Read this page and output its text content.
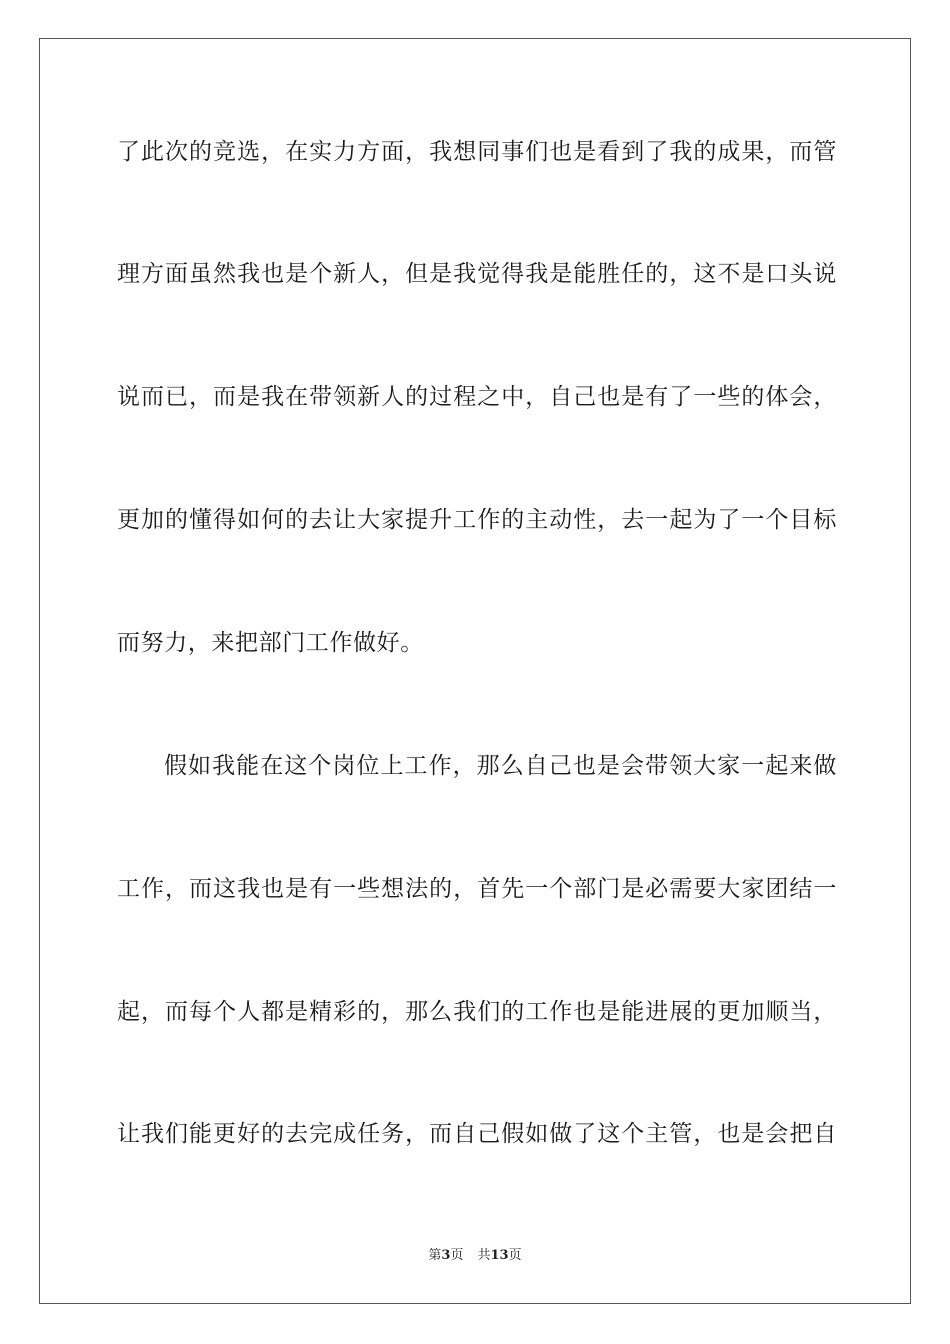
了此次的竞选，在实力方面，我想同事们也是看到了我的成果，而管
理方面虽然我也是个新人，但是我觉得我是能胜任的，这不是口头说
说而已，而是我在带领新人的过程之中，自己也是有了一些的体会，
更加的懂得如何的去让大家提升工作的主动性，去一起为了一个目标
而努力，来把部门工作做好。
假如我能在这个岗位上工作，那么自己也是会带领大家一起来做
工作，而这我也是有一些想法的，首先一个部门是必需要大家团结一
起，而每个人都是精彩的，那么我们的工作也是能进展的更加顺当，
让我们能更好的去完成任务，而自己假如做了这个主管，也是会把自
第3页 共13页
